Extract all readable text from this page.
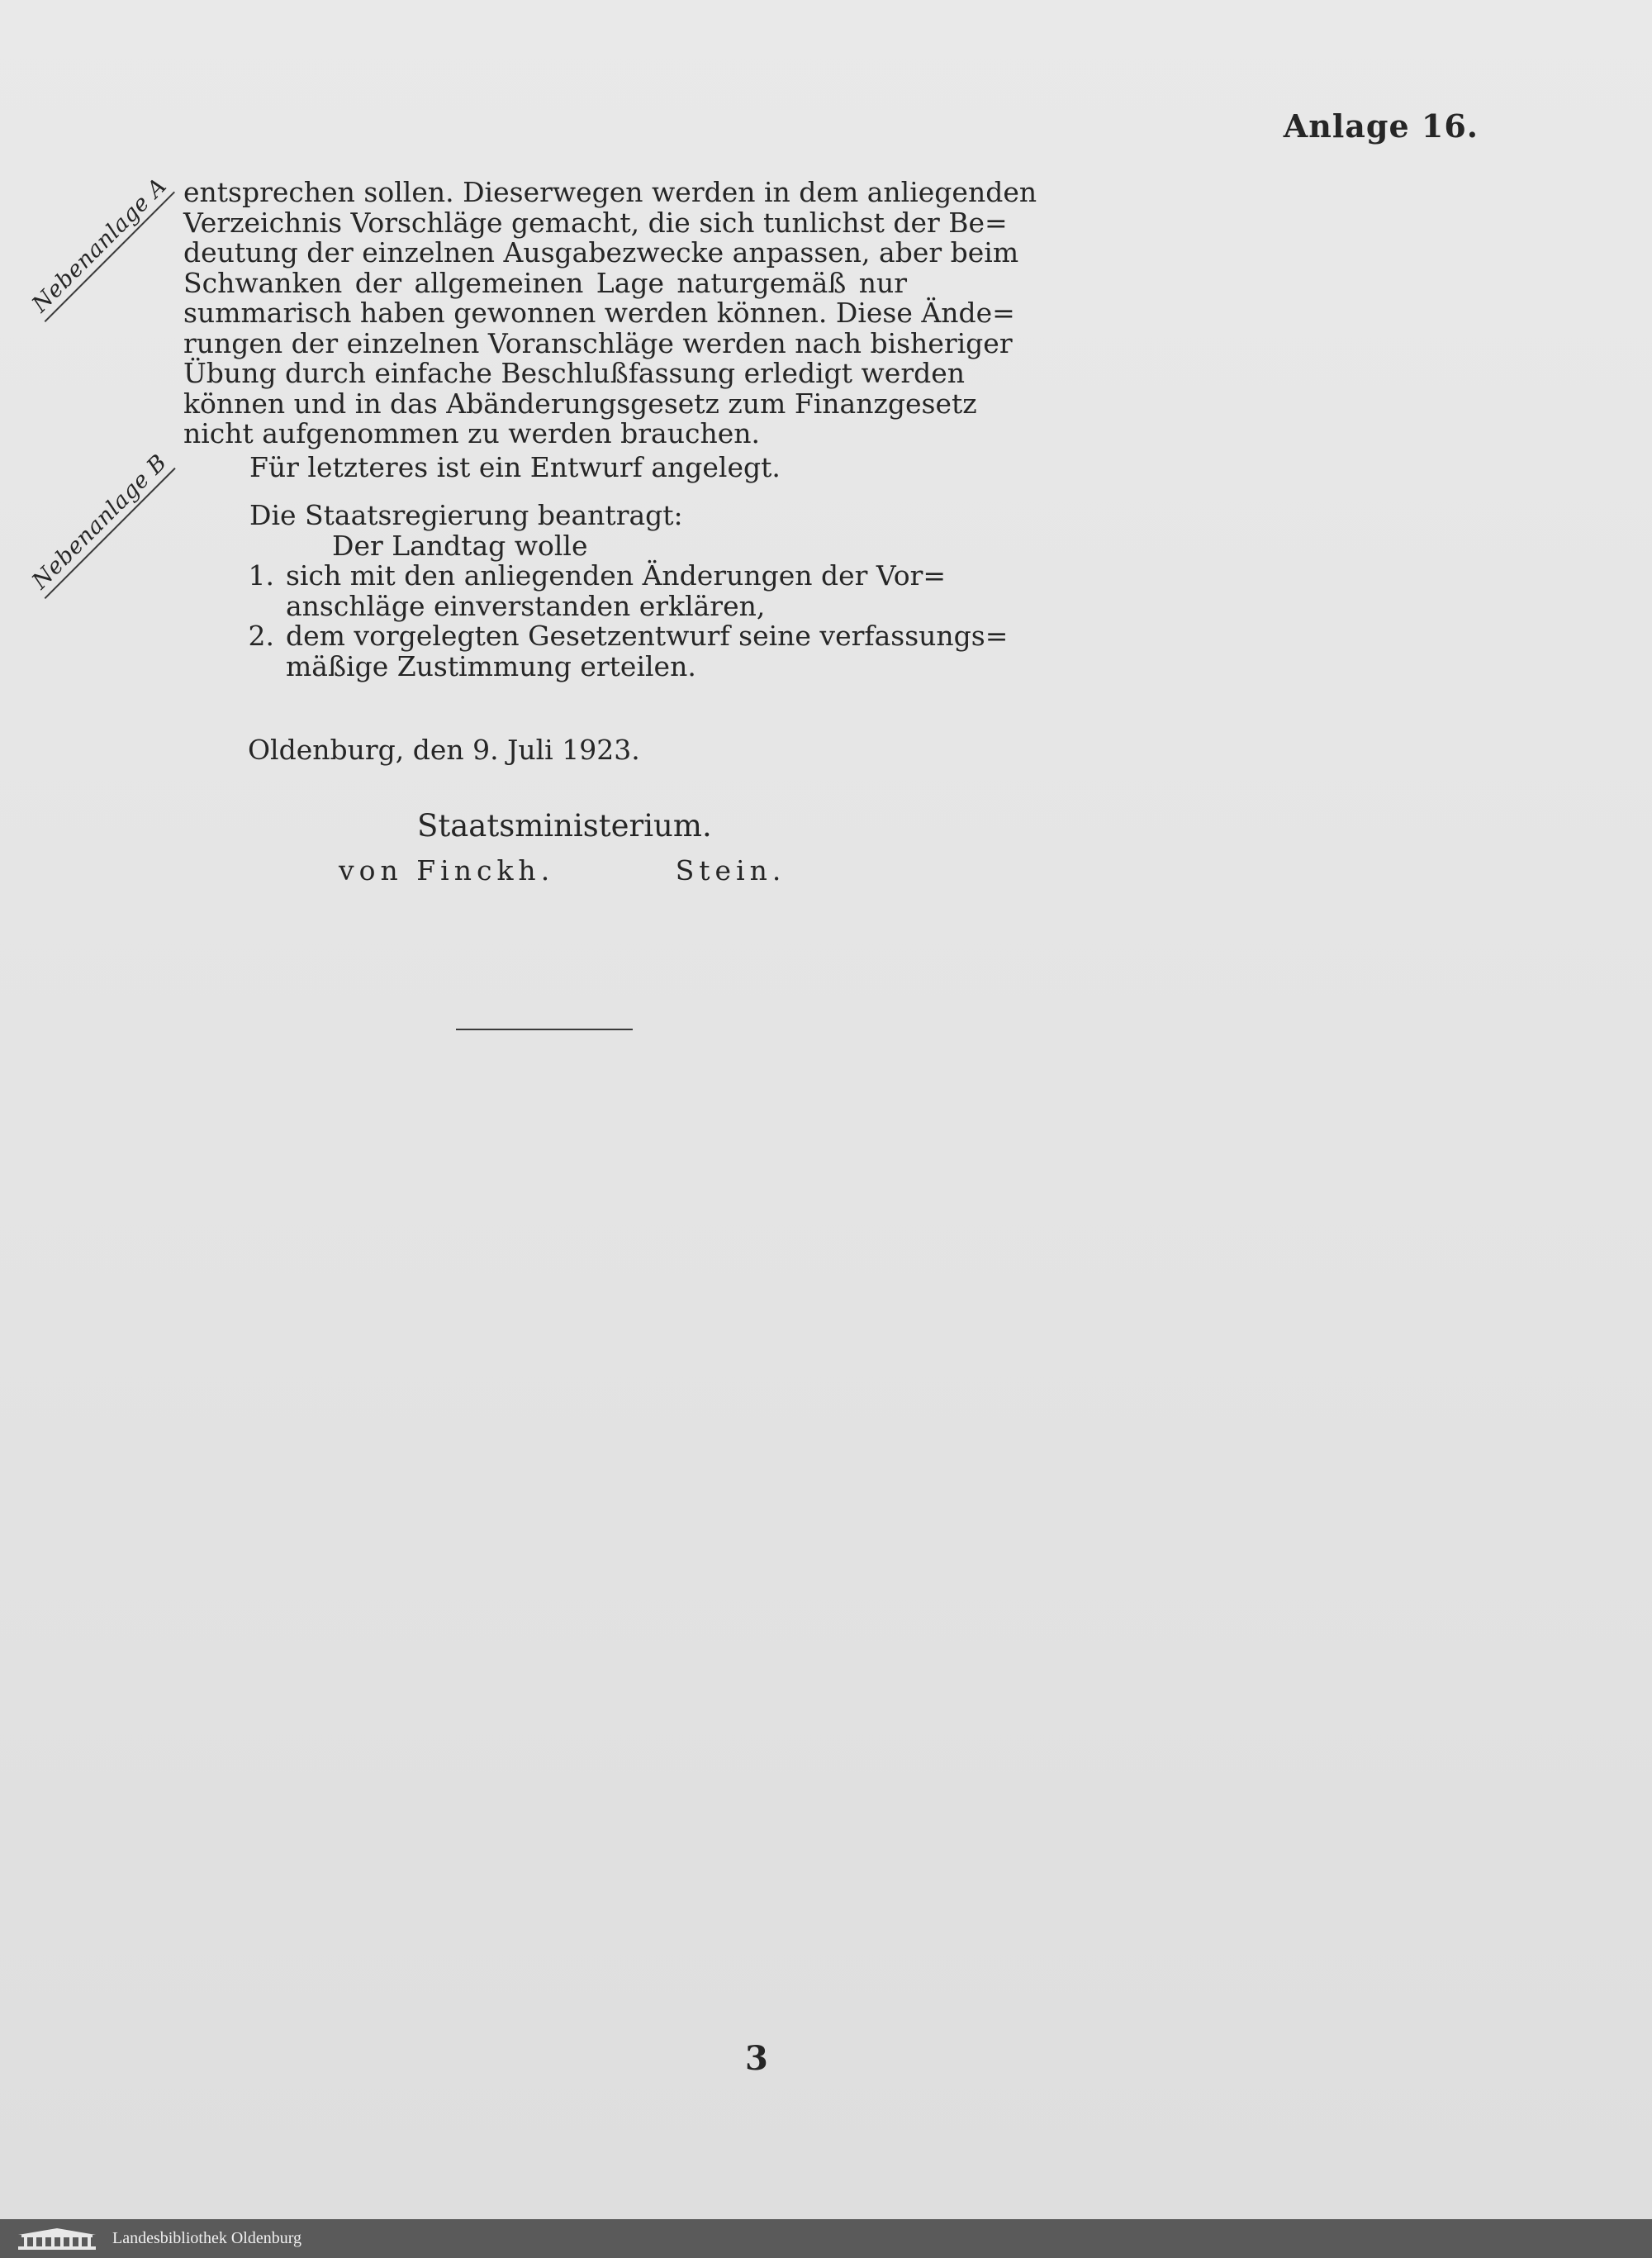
Anlage 16.
Nebenanlage A
Nebenanlage B
entsprechen sollen. Dieserwegen werden in dem anliegenden
Verzeichnis Vorschläge gemacht, die sich tunlichst der Be=
deutung der einzelnen Ausgabezwecke anpassen, aber beim
Schwanken der allgemeinen Lage naturgemäß nur
summarisch haben gewonnen werden können. Diese Ände=
rungen der einzelnen Voranschläge werden nach bisheriger
Übung durch einfache Beschlußfassung erledigt werden
können und in das Abänderungsgesetz zum Finanzgesetz
nicht aufgenommen zu werden brauchen.
Für letzteres ist ein Entwurf angelegt.
Die Staatsregierung beantragt:
Der Landtag wolle
1. sich mit den anliegenden Änderungen der Vor=
anschläge einverstanden erklären,
2. dem vorgelegten Gesetzentwurf seine verfassungs=
mäßige Zustimmung erteilen.
Oldenburg, den 9. Juli 1923.
Staatsministerium.
von Finckh.	Stein.
3
Landesbibliothek Oldenburg
